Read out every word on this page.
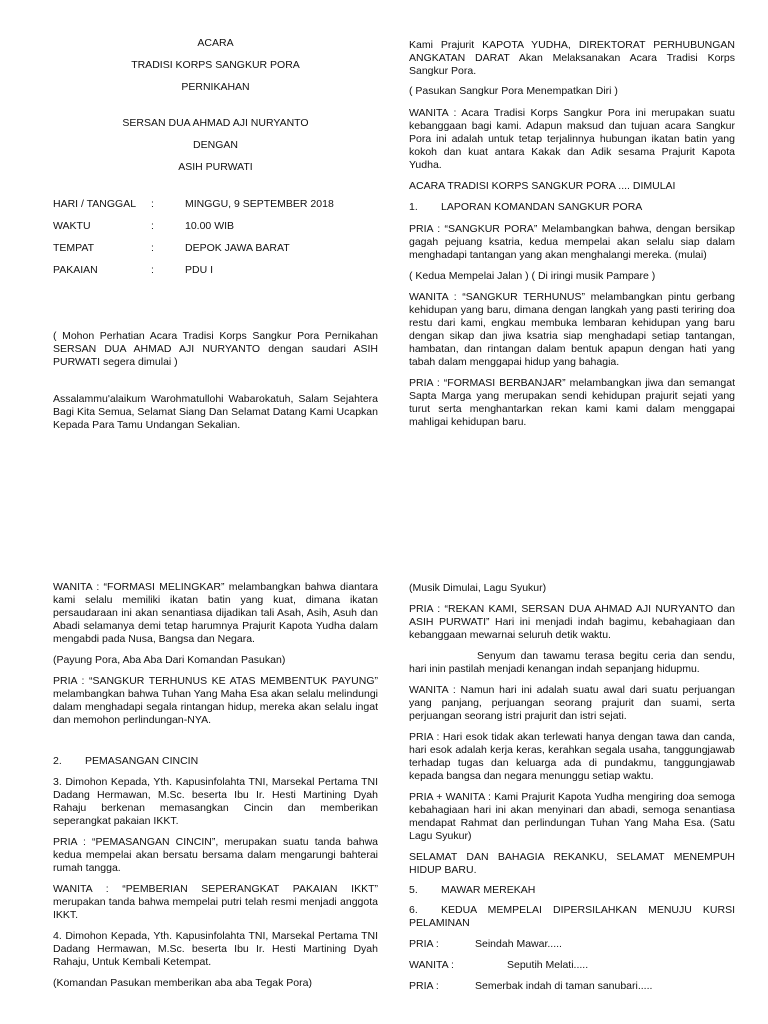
ACARA

TRADISI KORPS SANGKUR PORA

PERNIKAHAN

SERSAN DUA AHMAD AJI NURYANTO

DENGAN

ASIH PURWATI

HARI / TANGGAL :	MINGGU, 9 SEPTEMBER 2018
WAKTU	:	10.00 WIB
TEMPAT	:	DEPOK JAWA BARAT
PAKAIAN	:	PDU I

( Mohon Perhatian Acara Tradisi Korps Sangkur Pora Pernikahan SERSAN DUA AHMAD AJI NURYANTO dengan saudari ASIH PURWATI segera dimulai )

Assalammu'alaikum Warohmatullohi Wabarokatuh, Salam Sejahtera Bagi Kita Semua, Selamat Siang Dan Selamat Datang Kami Ucapkan Kepada Para Tamu Undangan Sekalian.

Kami Prajurit KAPOTA YUDHA, DIREKTORAT PERHUBUNGAN ANGKATAN DARAT Akan Melaksanakan Acara Tradisi Korps Sangkur Pora.

( Pasukan Sangkur Pora Menempatkan Diri )

WANITA : Acara Tradisi Korps Sangkur Pora ini merupakan suatu kebanggaan bagi kami. Adapun maksud dan tujuan acara Sangkur Pora ini adalah untuk tetap terjalinnya hubungan ikatan batin yang kokoh dan kuat antara Kakak dan Adik sesama Prajurit Kapota Yudha.

ACARA TRADISI KORPS SANGKUR PORA .... DIMULAI

1. LAPORAN KOMANDAN SANGKUR PORA

PRIA : “SANGKUR PORA” Melambangkan bahwa, dengan bersikap gagah pejuang ksatria, kedua mempelai akan selalu siap dalam menghadapi tantangan yang akan menghalangi mereka. (mulai)

( Kedua Mempelai Jalan ) ( Di iringi musik Pampare )

WANITA : “SANGKUR TERHUNUS” melambangkan pintu gerbang kehidupan yang baru, dimana dengan langkah yang pasti teriring doa restu dari kami, engkau membuka lembaran kehidupan yang baru dengan sikap dan jiwa ksatria siap menghadapi setiap tantangan, hambatan, dan rintangan dalam bentuk apapun dengan hati yang tabah dalam menggapai hidup yang bahagia.

PRIA : “FORMASI BERBANJAR” melambangkan jiwa dan semangat Sapta Marga yang merupakan sendi kehidupan prajurit sejati yang turut serta menghantarkan rekan kami kami dalam menggapai mahligai kehidupan baru.

WANITA : “FORMASI MELINGKAR” melambangkan bahwa diantara kami selalu memiliki ikatan batin yang kuat, dimana ikatan persaudaraan ini akan senantiasa dijadikan tali Asah, Asih, Asuh dan Abadi selamanya demi tetap harumnya Prajurit Kapota Yudha dalam mengabdi pada Nusa, Bangsa dan Negara.

(Payung Pora, Aba Aba Dari Komandan Pasukan)

PRIA : “SANGKUR TERHUNUS KE ATAS MEMBENTUK PAYUNG” melambangkan bahwa Tuhan Yang Maha Esa akan selalu melindungi dalam menghadapi segala rintangan hidup, mereka akan selalu ingat dan memohon perlindungan-NYA.

2. PEMASANGAN CINCIN

3. Dimohon Kepada, Yth. Kapusinfolahta TNI, Marsekal Pertama TNI Dadang Hermawan, M.Sc. beserta Ibu Ir. Hesti Martining Dyah Rahaju berkenan memasangkan Cincin dan memberikan seperangkat pakaian IKKT.

PRIA : “PEMASANGAN CINCIN”, merupakan suatu tanda bahwa kedua mempelai akan bersatu bersama dalam mengarungi bahterai rumah tangga.

WANITA : “PEMBERIAN SEPERANGKAT PAKAIAN IKKT” merupakan tanda bahwa mempelai putri telah resmi menjadi anggota IKKT.

4. Dimohon Kepada, Yth. Kapusinfolahta TNI, Marsekal Pertama TNI Dadang Hermawan, M.Sc. beserta Ibu Ir. Hesti Martining Dyah Rahaju, Untuk Kembali Ketempat.

(Komandan Pasukan memberikan aba aba Tegak Pora)

(Musik Dimulai, Lagu Syukur)

PRIA : “REKAN KAMI, SERSAN DUA AHMAD AJI NURYANTO dan ASIH PURWATI” Hari ini menjadi indah bagimu, kebahagiaan dan kebanggaan mewarnai seluruh detik waktu.

Senyum dan tawamu terasa begitu ceria dan sendu, hari inin pastilah menjadi kenangan indah sepanjang hidupmu.

WANITA : Namun hari ini adalah suatu awal dari suatu perjuangan yang panjang, perjuangan seorang prajurit dan suami, serta perjuangan seorang istri prajurit dan istri sejati.

PRIA : Hari esok tidak akan terlewati hanya dengan tawa dan canda, hari esok adalah kerja keras, kerahkan segala usaha, tanggungjawab terhadap tugas dan keluarga ada di pundakmu, tanggungjawab kepada bangsa dan negara menunggu setiap waktu.

PRIA + WANITA : Kami Prajurit Kapota Yudha mengiring doa semoga kebahagiaan hari ini akan menyinari dan abadi, semoga senantiasa mendapat Rahmat dan perlindungan Tuhan Yang Maha Esa. (Satu Lagu Syukur)

SELAMAT DAN BAHAGIA REKANKU, SELAMAT MENEMPUH HIDUP BARU.

5. MAWAR MEREKAH

6. KEDUA MEMPELAI DIPERSILAHKAN MENUJU KURSI PELAMINAN

PRIA :	Seindah Mawar.....

WANITA :	Seputih Melati.....

PRIA :	Semerbak indah di taman sanubari.....
